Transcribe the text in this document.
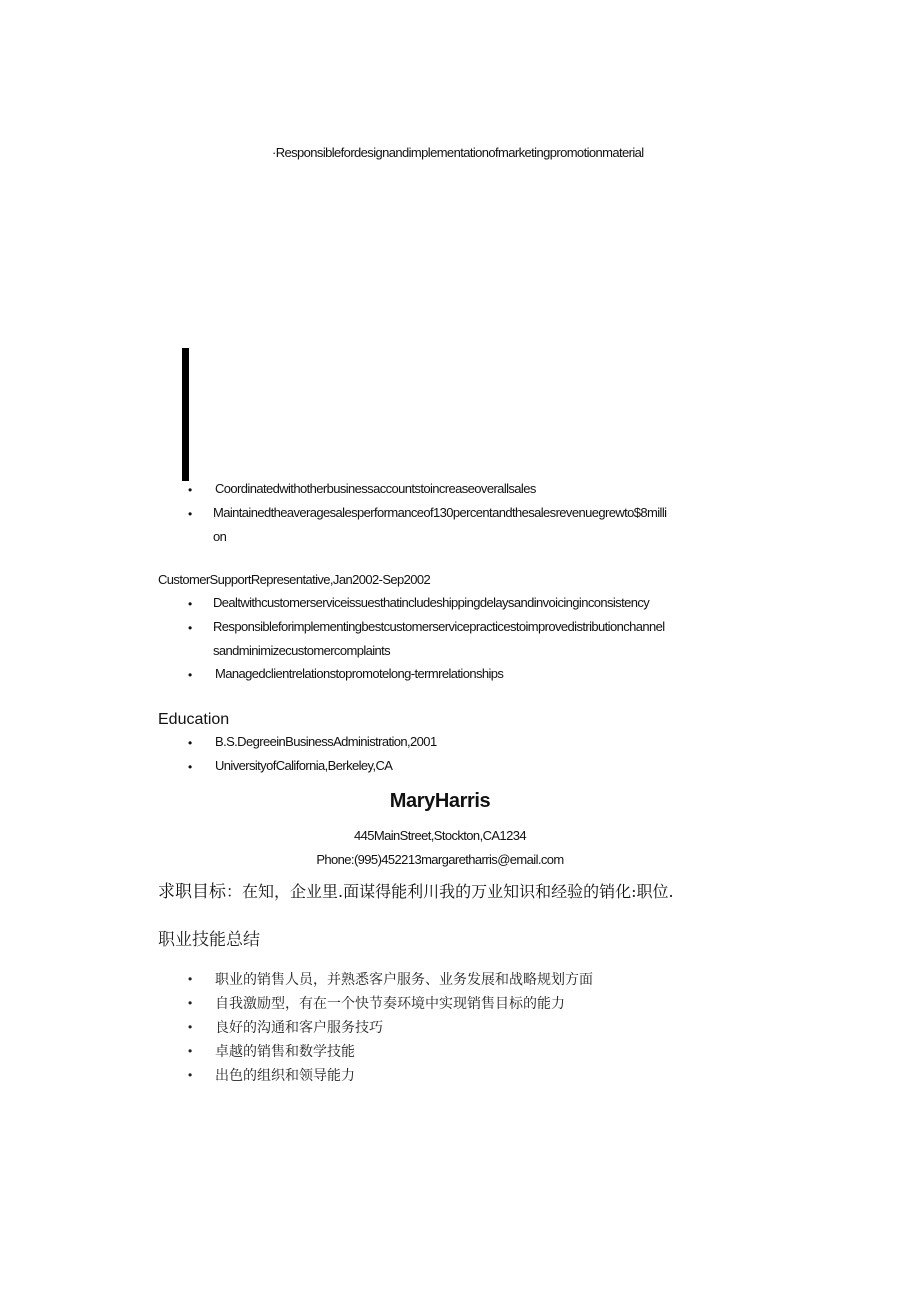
·Responsiblefordesignandimplementationofmarketingpromotionmaterial
• Coordinatedwithotherbusinessaccountstoincreaseoverallsales
• Maintainedtheaveragesalesperformanceof130percentandthesalesrevenuegrewto$8milli
on
CustomerSupportRepresentative,Jan2002-Sep2002
• Dealtwithcustomerserviceissuesthatincludeshippingdelaysandinvoicinginconsistency
• Responsibleforimplementingbestcustomerservicepracticestoimprovedistributionchannel
sandminimizecustomercomplaints
• Managedclientrelationstopromotelong-termrelationships
Education
• B.S.DegreeinBusinessAdministration,2001
• UniversityofCalifornia,Berkeley,CA
MaryHarris
445MainStreet,Stockton,CA1234
Phone:(995)452213margaretharris@email.com
求职目标：在知，企业里.面谋得能利川我的万业知识和经验的销化:职位.
职业技能总结
• 职业的销售人员，并熟悉客户服务、业务发展和战略规划方面
• 自我激励型，有在一个快节奏环境中实现销售目标的能力
• 良好的沟通和客户服务技巧
• 卓越的销售和数学技能
• 出色的组织和领导能力
